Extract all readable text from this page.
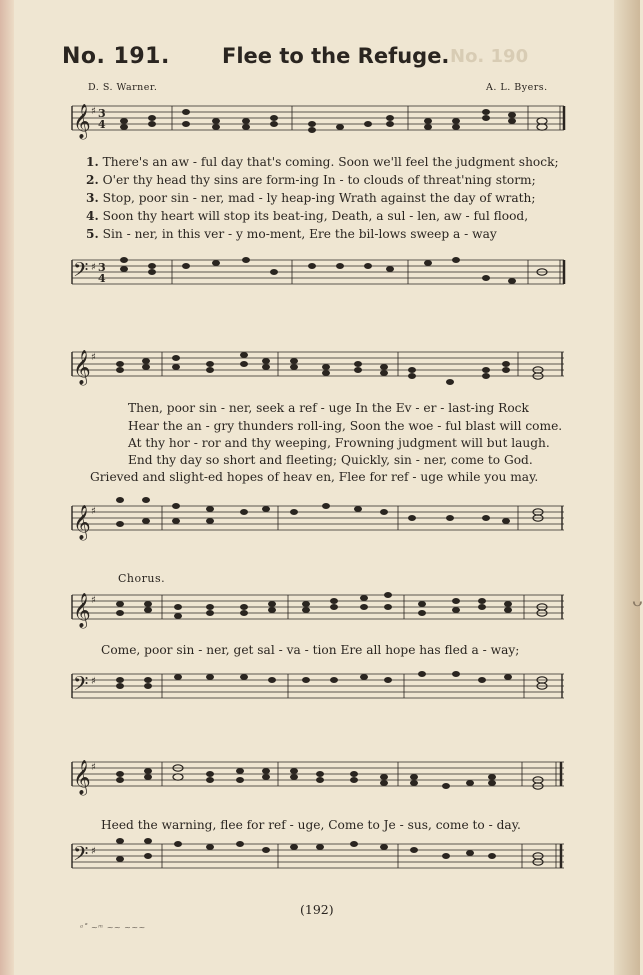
No. 190
No. 191. Flee to the Refuge.
D. S. Warner.	A. L. Byers.
𝄞 ♯ 3
4
1. There's an aw - ful day that's coming. Soon we'll feel the judgment shock;
2. O'er thy head thy sins are form-ing In - to clouds of threat'ning storm;
3. Stop, poor sin - ner, mad - ly heap-ing Wrath against the day of wrath;
4. Soon thy heart will stop its beat-ing, Death, a sul - len, aw - ful flood,
5. Sin - ner, in this ver - y mo-ment, Ere the bil-lows sweep a - way
𝄢 ♯ 3
4
𝄞 ♯
Then, poor sin - ner, seek a ref - uge In the Ev - er - last-ing Rock
Hear the an - gry thunders roll-ing, Soon the woe - ful blast will come.
At thy hor - ror and thy weeping, Frowning judgment will but laugh.
End thy day so short and fleeting; Quickly, sin - ner, come to God.
Grieved and slight-ed hopes of heav en, Flee for ref - uge while you may.
𝄞 ♯
Chorus.
𝄞 ♯
Come, poor sin - ner, get sal - va - tion Ere all hope has fled a - way;
𝄢 ♯
𝄞 ♯
Heed the warning, flee for ref - uge, Come to Je - sus, come to - day.
𝄢 ♯
(192)
ᵃ˚ ~ᵐ ~~ ~~~
ᴗ
